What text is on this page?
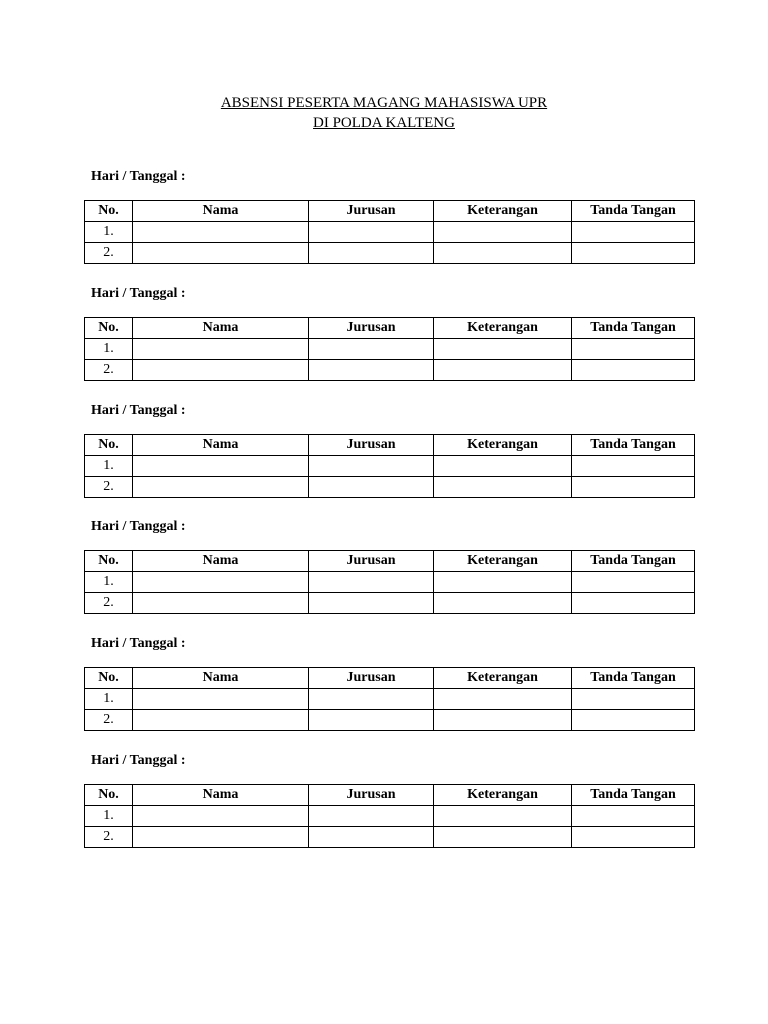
ABSENSI PESERTA MAGANG MAHASISWA UPR
DI POLDA KALTENG
Hari / Tanggal :
No.	Nama	Jurusan	Keterangan	Tanda Tangan
1.				
2.				
Hari / Tanggal :
No.	Nama	Jurusan	Keterangan	Tanda Tangan
1.				
2.				
Hari / Tanggal :
No.	Nama	Jurusan	Keterangan	Tanda Tangan
1.				
2.				
Hari / Tanggal :
No.	Nama	Jurusan	Keterangan	Tanda Tangan
1.				
2.				
Hari / Tanggal :
No.	Nama	Jurusan	Keterangan	Tanda Tangan
1.				
2.				
Hari / Tanggal :
No.	Nama	Jurusan	Keterangan	Tanda Tangan
1.				
2.				
